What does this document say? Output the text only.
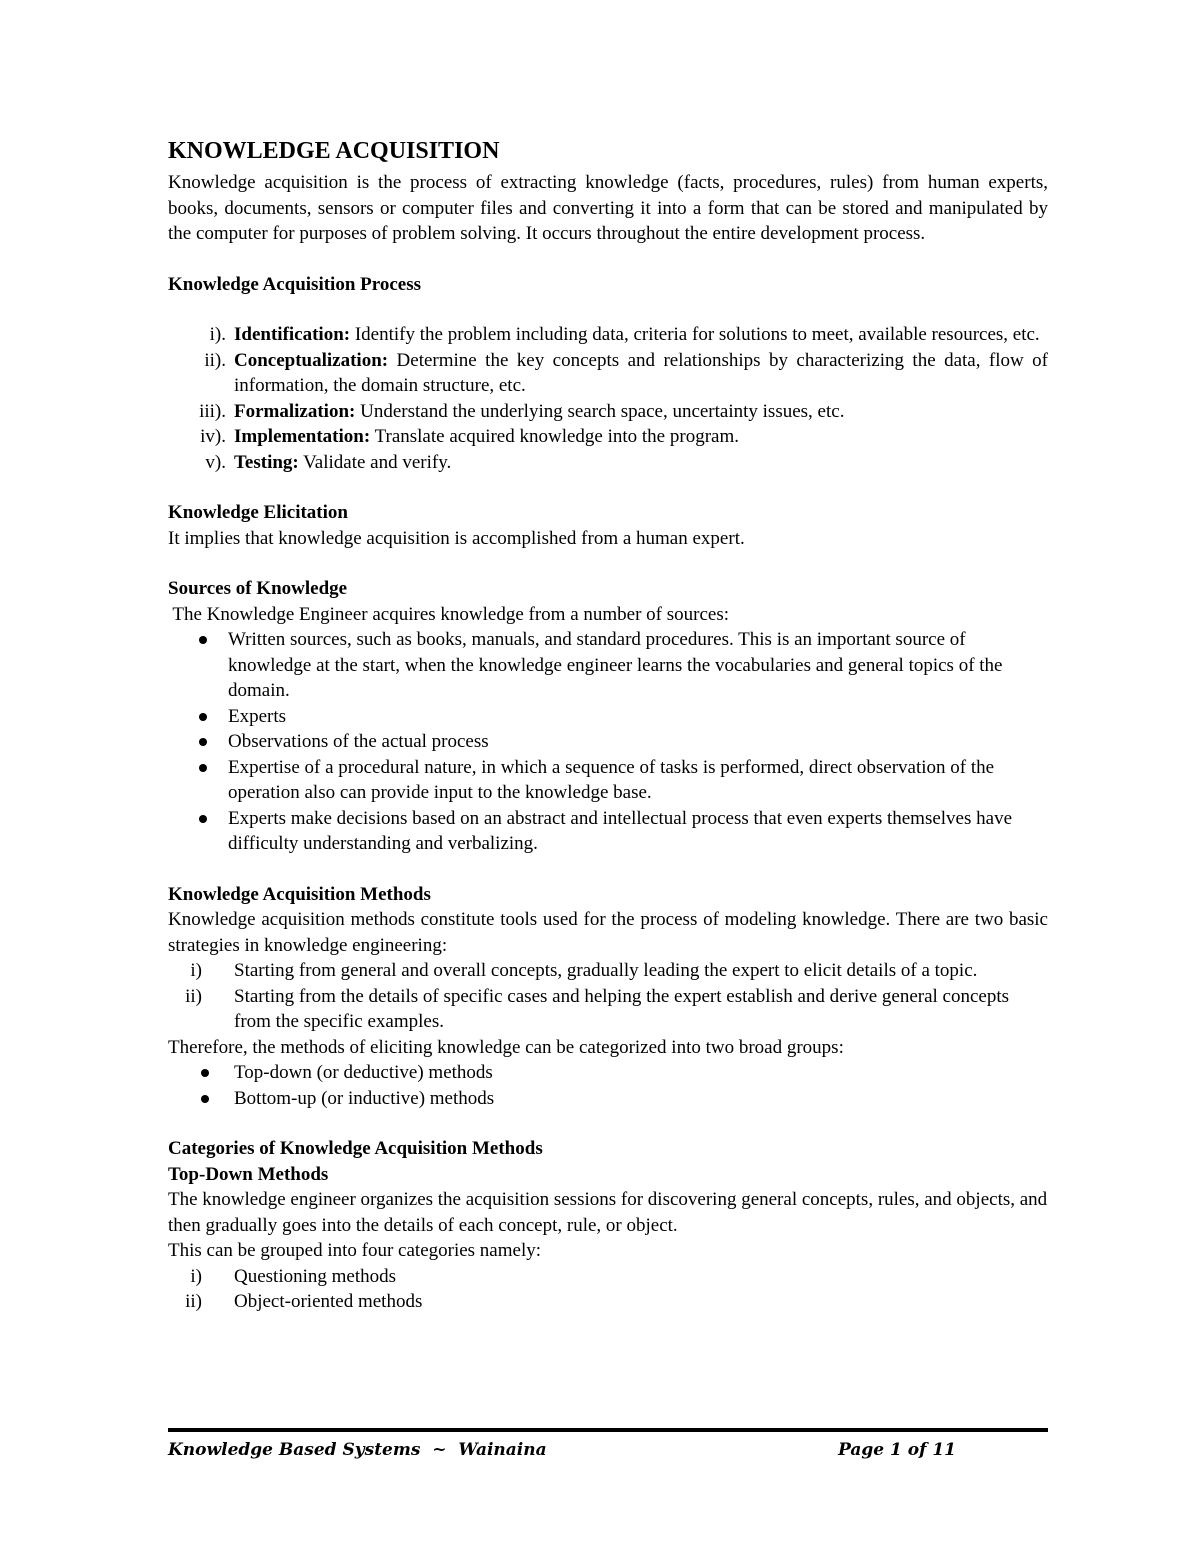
KNOWLEDGE ACQUISITION

Knowledge acquisition is the process of extracting knowledge (facts, procedures, rules) from human experts, books, documents, sensors or computer files and converting it into a form that can be stored and manipulated by the computer for purposes of problem solving. It occurs throughout the entire development process.

Knowledge Acquisition Process
i). Identification: Identify the problem including data, criteria for solutions to meet, available resources, etc.
ii). Conceptualization: Determine the key concepts and relationships by characterizing the data, flow of information, the domain structure, etc.
iii). Formalization: Understand the underlying search space, uncertainty issues, etc.
iv). Implementation: Translate acquired knowledge into the program.
v). Testing: Validate and verify.
Knowledge Elicitation

It implies that knowledge acquisition is accomplished from a human expert.

Sources of Knowledge

The Knowledge Engineer acquires knowledge from a number of sources:

Written sources, such as books, manuals, and standard procedures. This is an important source of knowledge at the start, when the knowledge engineer learns the vocabularies and general topics of the domain.
Experts
Observations of the actual process
Expertise of a procedural nature, in which a sequence of tasks is performed, direct observation of the operation also can provide input to the knowledge base.
Experts make decisions based on an abstract and intellectual process that even experts themselves have difficulty understanding and verbalizing.
Knowledge Acquisition Methods

Knowledge acquisition methods constitute tools used for the process of modeling knowledge. There are two basic strategies in knowledge engineering:

i) Starting from general and overall concepts, gradually leading the expert to elicit details of a topic.
ii) Starting from the details of specific cases and helping the expert establish and derive general concepts from the specific examples.

Therefore, the methods of eliciting knowledge can be categorized into two broad groups:

Top-down (or deductive) methods
Bottom-up (or inductive) methods
Categories of Knowledge Acquisition Methods
Top-Down Methods

The knowledge engineer organizes the acquisition sessions for discovering general concepts, rules, and objects, and then gradually goes into the details of each concept, rule, or object.

This can be grouped into four categories namely:

i) Questioning methods
ii) Object-oriented methods
Knowledge Based Systems  ~  Wainaina	Page 1 of 11
